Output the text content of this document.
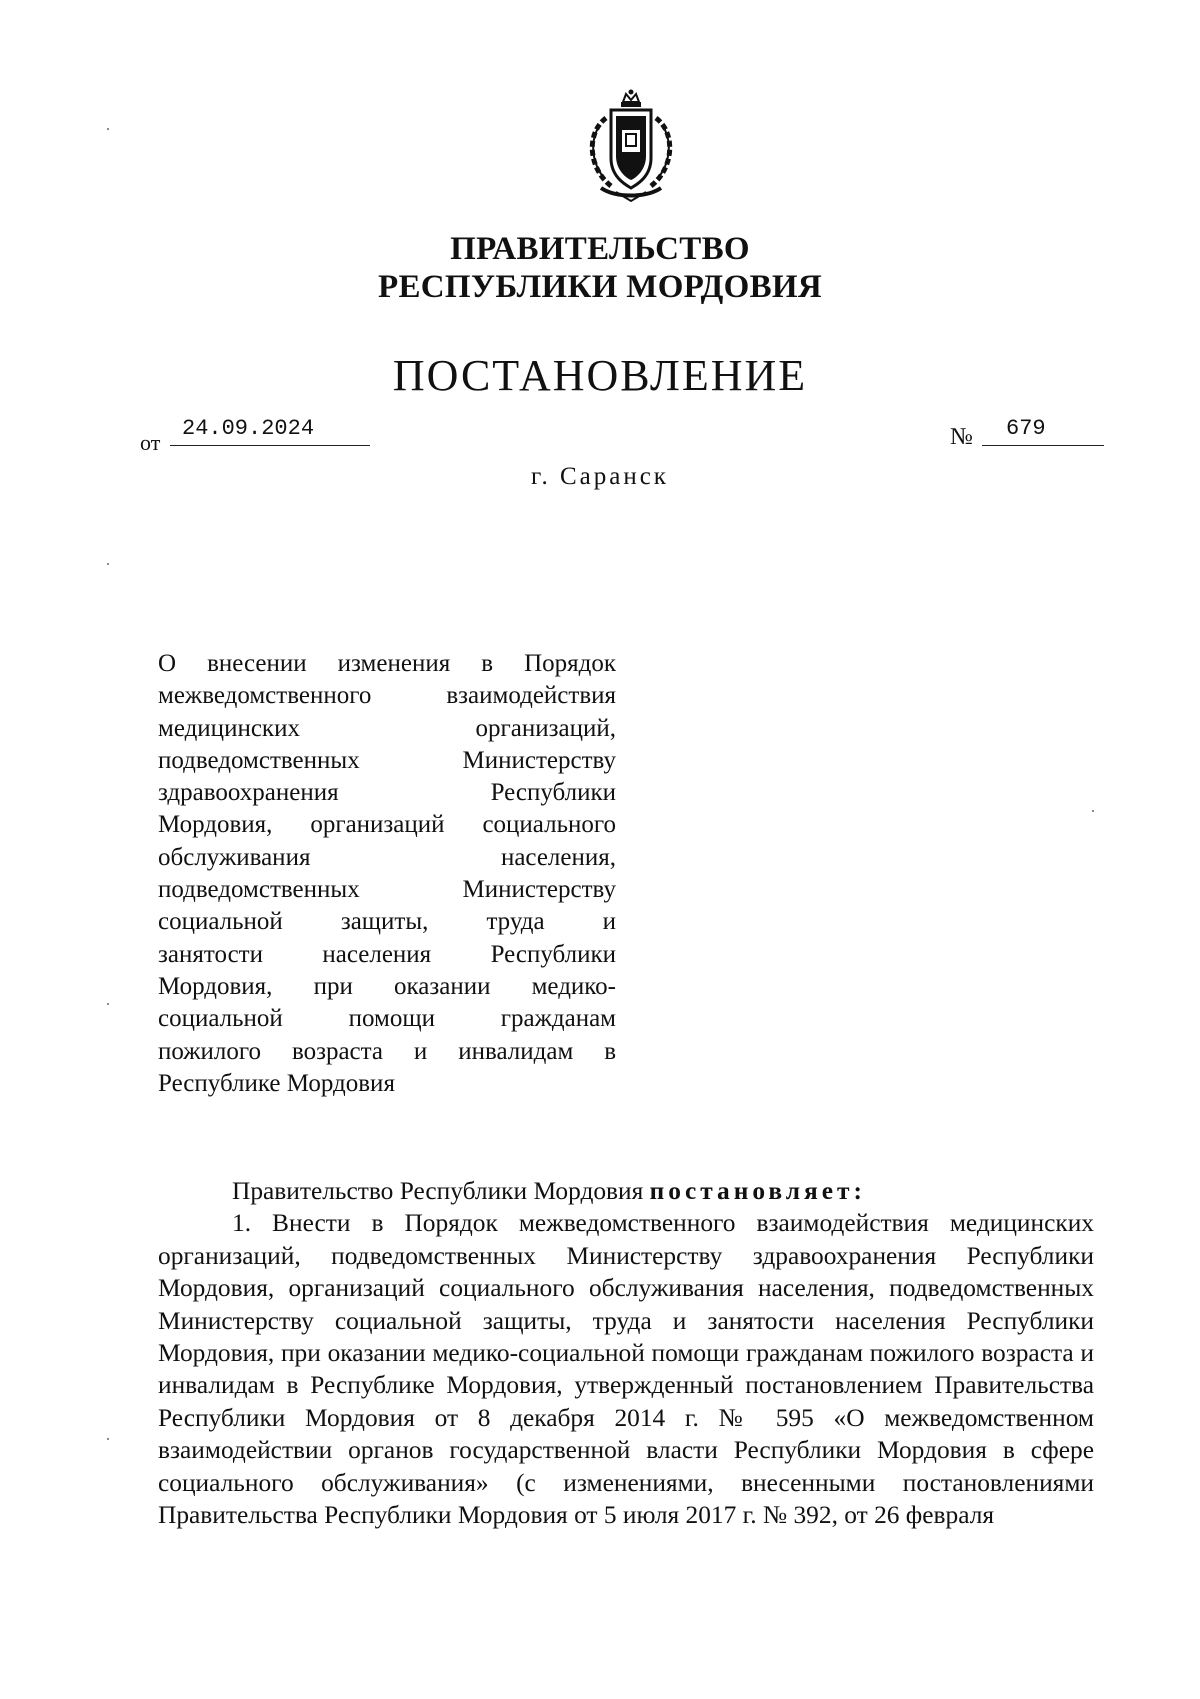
ПРАВИТЕЛЬСТВО
РЕСПУБЛИКИ МОРДОВИЯ
ПОСТАНОВЛЕНИЕ
от
24.09.2024	№	679
г. Саранск
О внесении изменения в Порядок
межведомственного взаимодействия
медицинских организаций,
подведомственных Министерству
здравоохранения Республики
Мордовия, организаций социального
обслуживания населения,
подведомственных Министерству
социальной защиты, труда и
занятости населения Республики
Мордовия, при оказании медико-
социальной помощи гражданам
пожилого возраста и инвалидам в
Республике Мордовия

Правительство Республики Мордовия постановляет:

1. Внести в Порядок межведомственного взаимодействия медицинских организаций, подведомственных Министерству здравоохранения Республики Мордовия, организаций социального обслуживания населения, подведомственных Министерству социальной защиты, труда и занятости населения Республики Мордовия, при оказании медико-социальной помощи гражданам пожилого возраста и инвалидам в Республике Мордовия, утвержденный постановлением Правительства Республики Мордовия от 8 декабря 2014 г. № 595 «О межведомственном взаимодействии органов государственной власти Республики Мордовия в сфере социального обслуживания» (с изменениями, внесенными постановлениями Правительства Республики Мордовия от 5 июля 2017 г. № 392, от 26 февраля
